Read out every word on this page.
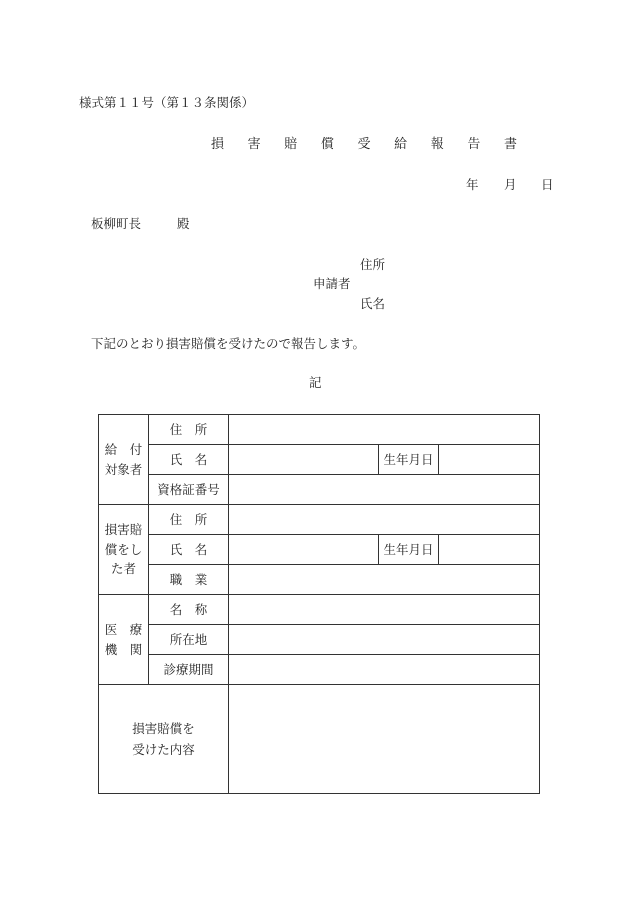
様式第１１号（第１３条関係）
損 害 賠 償 受 給 報 告 書
年 月 日
板柳町長	殿
住所
申請者
氏名
下記のとおり損害賠償を受けたので報告します。
記
給　付
対象者	住　所			
	氏　名		生年月日	
	資格証番号			
損害賠
償をし
た者	住　所			
	氏　名		生年月日	
	職　業			
医　療
機　関	名　称			
	所在地			
	診療期間			

損害賠償を
受けた内容				
